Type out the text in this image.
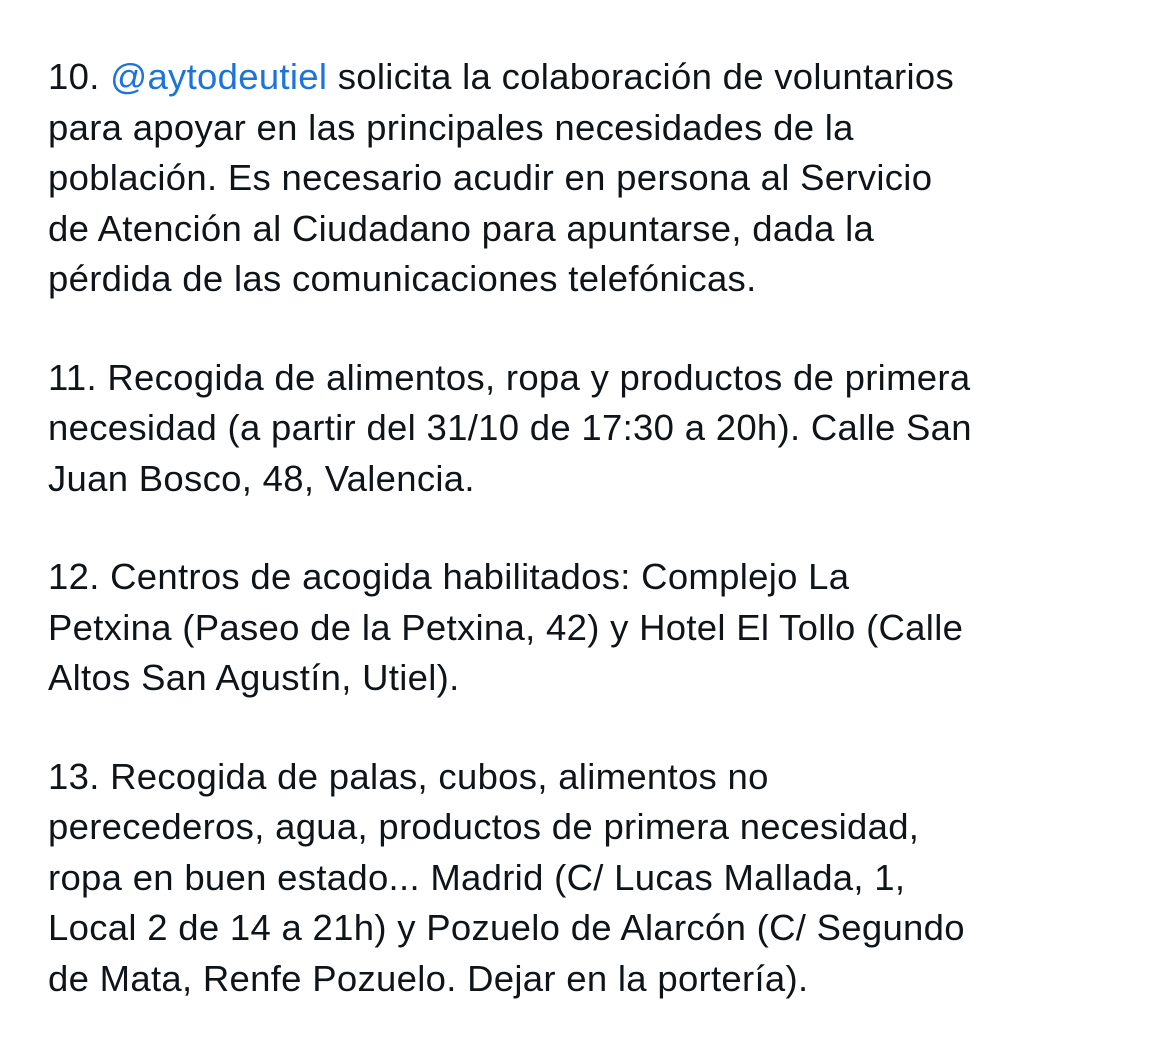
10. @aytodeutiel solicita la colaboración de voluntarios
para apoyar en las principales necesidades de la
población. Es necesario acudir en persona al Servicio
de Atención al Ciudadano para apuntarse, dada la
pérdida de las comunicaciones telefónicas.
11. Recogida de alimentos, ropa y productos de primera
necesidad (a partir del 31/10 de 17:30 a 20h). Calle San
Juan Bosco, 48, Valencia.
12. Centros de acogida habilitados: Complejo La
Petxina (Paseo de la Petxina, 42) y Hotel El Tollo (Calle
Altos San Agustín, Utiel).
13. Recogida de palas, cubos, alimentos no
perecederos, agua, productos de primera necesidad,
ropa en buen estado... Madrid (C/ Lucas Mallada, 1,
Local 2 de 14 a 21h) y Pozuelo de Alarcón (C/ Segundo
de Mata, Renfe Pozuelo. Dejar en la portería).
